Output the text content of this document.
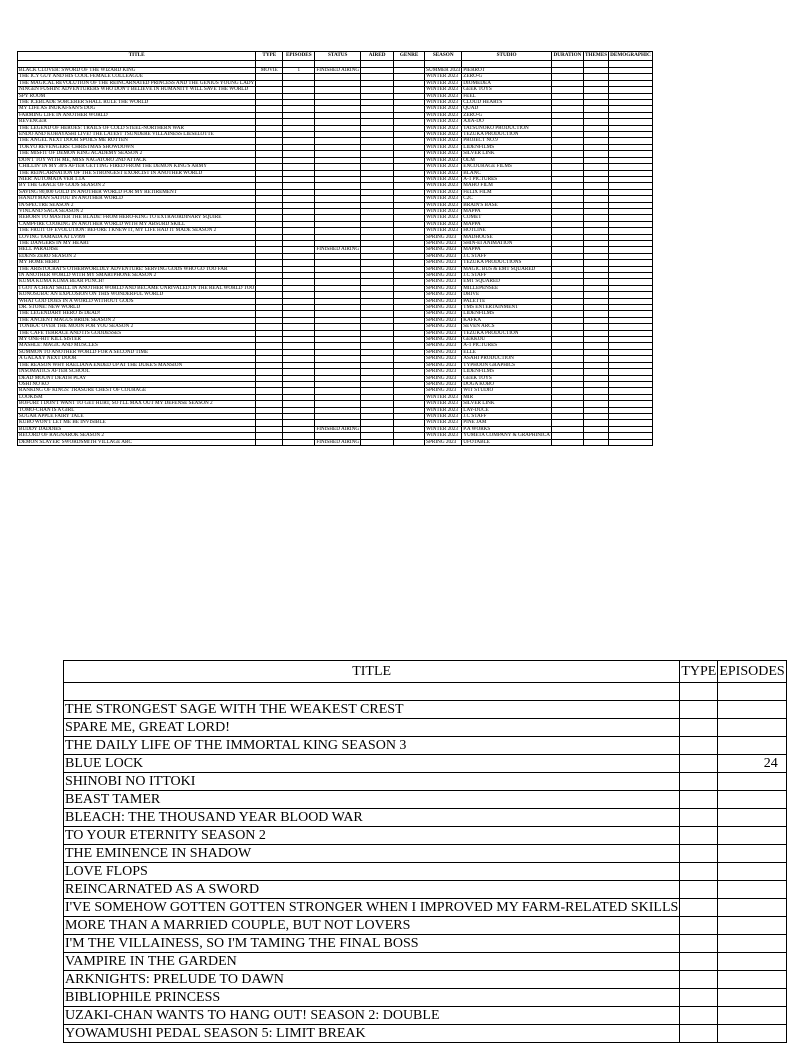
TITLE	TYPE	EPISODES	STATUS	AIRED	GENRE	SEASON	STUDIO	DURATION	THEMES	DEMOGRAPHIC

BLACK CLOVER: SWORD OF THE WIZARD KING	MOVIE	1	FINISHED AIRING			SUMMER 2023	PIERROT			
THE ICY GUY AND HIS COOL FEMALE COLLEAGUE						WINTER 2023	ZERO-G			
THE MAGICAL REVOLUTION OF THE REINCARNATED PRINCESS AND THE GENIUS YOUNG LADY						WINTER 2023	DIOMEDEA			
NINGEN FUSHIN: ADVENTURERS WHO DON'T BELIEVE IN HUMANITY WILL SAVE THE WORLD						WINTER 2023	GEEK TOYS			
SPY ROOM						WINTER 2023	FEEL			
THE ICEBLADE SORCERER SHALL RULE THE WORLD						WINTER 2023	CLOUD HEARTS			
MY LIFE AS INUKAI-SAN'S DOG						WINTER 2023	QUAD			
FARMING LIFE IN ANOTHER WORLD						WINTER 2023	ZERO-G			
REVENGER						WINTER 2023	AJIA-DO			
THE LEGEND OF HEROES: TRAILS OF COLD STEEL-NORTHERN WAR						WINTER 2023	TATSUNOKO PRODUCTION			
ENDO AND KOBAYASHI LIVE! THE LATEST TSUNDERE VILLAINESS LIESELOTTE						WINTER 2023	TEZUKA PRODUCTION			
THE ANGEL NEXT DOOR SPOILS ME ROTTEN						WINTER 2023	PROJECT NO.9			
TOKYO REVENGERS: CHRISTMAS SHOWDOWN						WINTER 2023	LIDENFILMS			
THE MISFIT OF DEMON KING ACADEMY SEASON 2						WINTER 2023	SILVER LINK			
DON'T TOY WITH ME, MISS NAGATORO 2ND ATTACK						WINTER 2023	OLM			
CHILLIN' IN MY 30'S AFTER GETTING FIRED FROM THE DEMON KING'S ARMY						WINTER 2023	ENCOURAGE FILMS			
THE REINCARNATION OF THE STRONGEST EXORCIST IN ANOTHER WORLD						WINTER 2023	BLANC			
NIER: AUTOMATA VER 1.1A						WINTER 2023	A-1 PICTURES			
BY THE GRACE OF GODS SEASON 2						WINTER 2023	MAHO FILM			
SAVING 80,000 GOLD IN ANOTHER WORLD FOR MY RETIREMENT						WINTER 2023	FELIX FILM			
HANDYMAN SAITOU IN ANOTHER WORLD						WINTER 2023	C2C			
IN/SPECTRE SEASON 2						WINTER 2023	BRAIN'S BASE			
VINLAND SAGA SEASON 2						WINTER 2023	MAPPA			
REBORN TO MASTER THE BLADE: FROM HERO-KING TO EXTRAORDINARY SQUIRE						WINTER 2023	COMET			
CAMPFIRE COOKING IN ANOTHER WORLD WITH MY ABSURD SKILL						WINTER 2023	MAPPA			
THE FRUIT OF EVOLUTION: BEFORE I KNEW IT, MY LIFE HAD IT MADE SEASON 2						WINTER 2023	HOTLINE			
LOVING YAMADA AT LV999						SPRING 2023	MADHOUSE			
THE DANGERS IN MY HEART						SPRING 2023	SHIN-EI ANIMATION			
HELL PARADISE			FINISHED AIRING			SPRING 2023	MAPPA			
EDENS ZERO SEASON 2						SPRING 2023	J.C STAFF			
MY HOME HERO						SPRING 2023	TEZUKA PRODUCTIONS			
THE ARISTOCRAT'S OTHERWORLDLY ADVENTURE: SERVING GODS WHO GO TOO FAR						SPRING 2023	MAGIC BUS & EMT SQUARED			
IN ANOTHER WORLD WITH MY SMARTPHONE SEASON 2						SPRING 2023	J.C STAFF			
KUMA KUMA KUMA BEAR PUNCH!						SPRING 2023	EMT SQUARED			
I GOT A CHEAT SKILL IN ANOTHER WORLD AND BECAME UNRIVALED IN THE REAL WORLD TOO						SPRING 2023	MILLEPENSEE			
KONOSUBA: AN EXPLOSION ON THIS WONDERFUL WORLD						SPRING 2023	DRIVE			
WHAT GOD DOES IN A WORLD WITHOUT GODS						SPRING 2023	PALETTE			
DR. STONE: NEW WORLD						SPRING 2023	TMS ENTERTAINMENT			
THE LEGENDARY HERO IS DEAD!						SPRING 2023	LIDENFILMS			
THE ANCIENT MAGUS BRIDE SEASON 2						SPRING 2023	KAFKA			
TONIKA: OVER THE MOON FOR YOU SEASON 2						SPRING 2023	SEVEN ARCS			
THE CAFE TERRACE AND ITS GODDESSES						SPRING 2023	TEZUKA PRODUCTION			
MY ONE-HIT KILL SISTER						SPRING 2023	GEKKOU			
MASHLE: MAGIC AND MUSCLES						SPRING 2023	A-1 PICTURES			
SUMMON TO ANOTHER WORLD FOR A SECOND TIME						SPRING 2023	ELLE			
A GALAXY NEXT DOOR						SPRING 2023	ASAHI PRODUCTION			
THE REASON WHY RAELIANA ENDED UP AT THE DUKE'S MANSION						SPRING 2023	TYPHOON GRAPHICS			
INSOMATICS AFTER SCHOOL						SPRING 2023	LIDENFILMS			
DEAD MOUNT DEATH PLAY						SPRING 2023	GEEK TOYS			
OSHI NO KO						SPRING 2023	DOGA KOBO			
RANKING OF KINGS: TRASURE CHEST OF COURAGE						SPRING 2023	WIT STUDIO			
LOOKISM						WINTER 2023	MIR			
BOFURI: I DON'T WANT TO GET HURT, SO I'LL MAX OUT MY DEFENSE SEASON 2						WINTER 2023	SILVER LINK			
TOMO-CHAN IS A GIRL						WINTER 2023	LAY-DUCE			
SUGAR APPLE FAIRY TALE						WINTER 2023	J.C STAFF			
KUBO WON'T LET ME BE INVISIBLE						WINTER 2023	PINE JAM			
BUDDY DADDIES			FINISHED AIRING			WINTER 2023	P.A WORKS			
RECORD OF RAGNAROK SEASON 2						WINTER 2023	YUMETA COMPANY & GRAPHINICA			
DEMON SLAYER: SWORDSMITH VILLAGE ARC			FINISHED AIRING			SPRING 2023	UFOTABLE			
TITLE	TYPE	EPISODES

THE STRONGEST SAGE WITH THE WEAKEST CREST		
SPARE ME, GREAT LORD!		
THE DAILY LIFE OF THE IMMORTAL KING SEASON 3		
BLUE LOCK		24
SHINOBI NO ITTOKI		
BEAST TAMER		
BLEACH: THE THOUSAND YEAR BLOOD WAR		
TO YOUR ETERNITY SEASON 2		
THE EMINENCE IN SHADOW		
LOVE FLOPS		
REINCARNATED AS A SWORD		
I'VE SOMEHOW GOTTEN GOTTEN STRONGER WHEN I IMPROVED MY FARM-RELATED SKILLS		
MORE THAN A MARRIED COUPLE, BUT NOT LOVERS		
I'M THE VILLAINESS, SO I'M TAMING THE FINAL BOSS		
VAMPIRE IN THE GARDEN		
ARKNIGHTS: PRELUDE TO DAWN		
BIBLIOPHILE PRINCESS		
UZAKI-CHAN WANTS TO HANG OUT! SEASON 2: DOUBLE		
YOWAMUSHI PEDAL SEASON 5: LIMIT BREAK		
